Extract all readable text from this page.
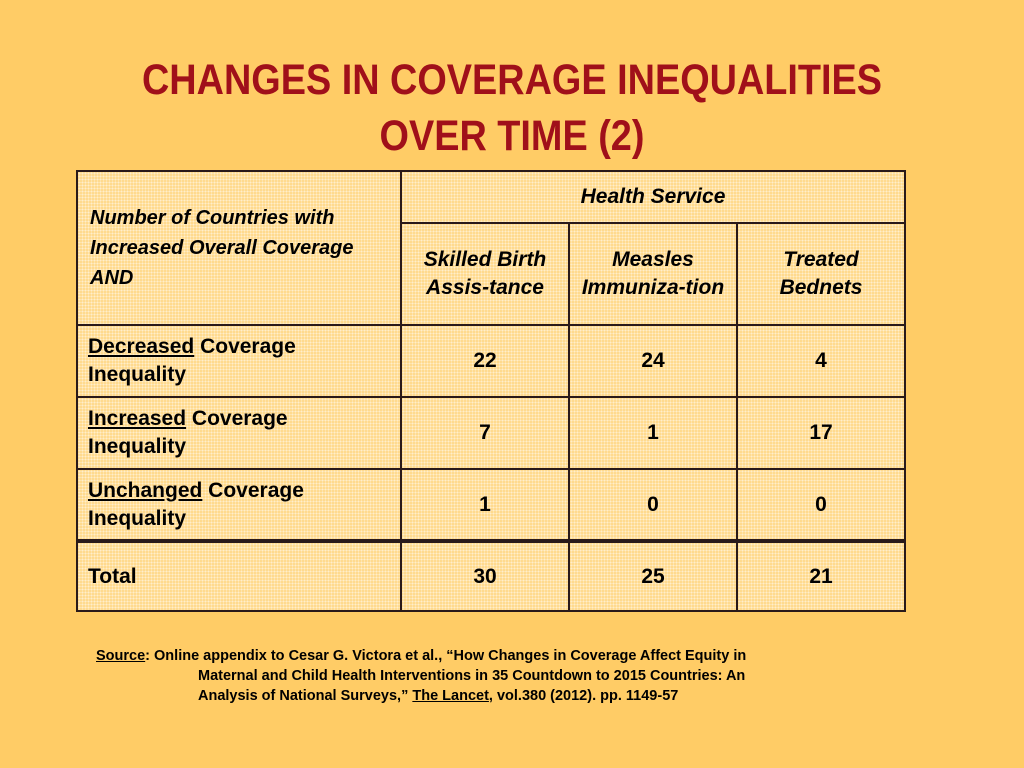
CHANGES IN COVERAGE INEQUALITIES
OVER TIME (2)
Number of Countries with Increased Overall Coverage AND	Health Service		
	Skilled Birth Assis-tance	Measles Immuniza-tion	Treated Bednets
Decreased Coverage Inequality	22	24	4
Increased Coverage Inequality	7	1	17
Unchanged Coverage Inequality	1	0	0
Total	30	25	21
Source: Online appendix to Cesar G. Victora et al., “How Changes in Coverage Affect Equity in
Maternal and Child Health Interventions in 35 Countdown to 2015 Countries: An
Analysis of National Surveys,” The Lancet, vol.380 (2012). pp. 1149-57
